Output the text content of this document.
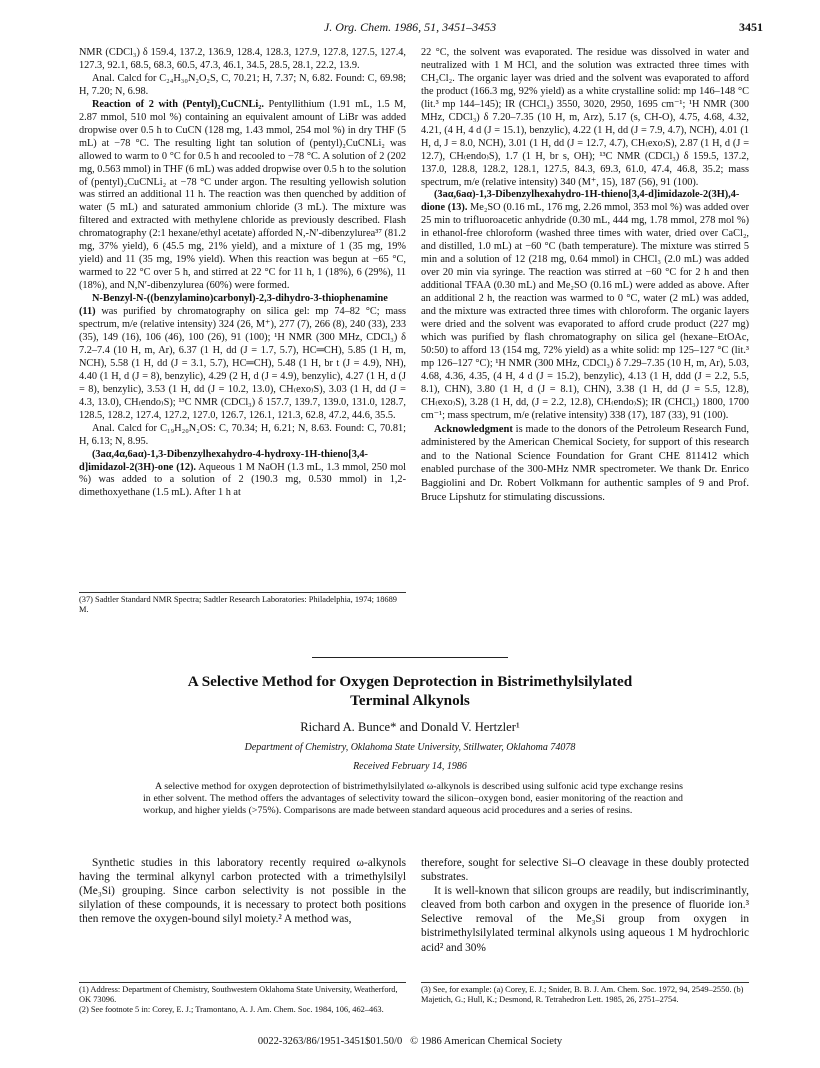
J. Org. Chem. 1986, 51, 3451–3453	3451

NMR (CDCl₃) δ 159.4, 137.2, 136.9, 128.4, 128.3, 127.9, 127.8, 127.5, 127.4, 127.3, 92.1, 68.5, 68.3, 60.5, 47.3, 46.1, 34.5, 28.5, 28.1, 22.2, 13.9.

Anal. Calcd for C₂₄H₃₀N₂O₂S, C, 70.21; H, 7.37; N, 6.82. Found: C, 69.98; H, 7.20; N, 6.98.

Reaction of 2 with (Pentyl)₂CuCNLi₂. Pentyllithium (1.91 mL, 1.5 M, 2.87 mmol, 510 mol %) containing an equivalent amount of LiBr was added dropwise over 0.5 h to CuCN (128 mg, 1.43 mmol, 254 mol %) in dry THF (5 mL) at −78 °C. The resulting light tan solution of (pentyl)₂CuCNLi₂ was allowed to warm to 0 °C for 0.5 h and recooled to −78 °C. A solution of 2 (202 mg, 0.563 mmol) in THF (6 mL) was added dropwise over 0.5 h to the solution of (pentyl)₂CuCNLi₂ at −78 °C under argon. The resulting yellowish solution was stirred an additional 11 h. The reaction was then quenched by addition of water (5 mL) and saturated ammonium chloride (3 mL). The mixture was filtered and extracted with methylene chloride as previously described. Flash chromatography (2:1 hexane/ethyl acetate) afforded N,-N′-dibenzylurea³⁷ (81.2 mg, 37% yield), 6 (45.5 mg, 21% yield), and a mixture of 1 (35 mg, 19% yield) and 11 (35 mg, 19% yield). When this reaction was begun at −65 °C, warmed to 22 °C over 5 h, and stirred at 22 °C for 11 h, 1 (18%), 6 (29%), 11 (18%), and N,N′-dibenzylurea (60%) were formed.

N-Benzyl-N-((benzylamino)carbonyl)-2,3-dihydro-3-thiophenamine (11) was purified by chromatography on silica gel: mp 74–82 °C; mass spectrum, m/e (relative intensity) 324 (26, M⁺), 277 (7), 266 (8), 240 (33), 233 (35), 149 (16), 106 (46), 100 (26), 91 (100); ¹H NMR (300 MHz, CDCl₃) δ 7.2–7.4 (10 H, m, Ar), 6.37 (1 H, dd (J = 1.7, 5.7), HC═CH), 5.85 (1 H, m, NCH), 5.58 (1 H, dd (J = 3.1, 5.7), HC═CH), 5.48 (1 H, br t (J = 4.9), NH), 4.40 (1 H, d (J = 8), benzylic), 4.29 (2 H, d (J = 4.9), benzylic), 4.27 (1 H, d (J = 8), benzylic), 3.53 (1 H, dd (J = 10.2, 13.0), CH₍exo₎S), 3.03 (1 H, dd (J = 4.3, 13.0), CH₍endo₎S); ¹³C NMR (CDCl₃) δ 157.7, 139.7, 139.0, 131.0, 128.7, 128.5, 128.2, 127.4, 127.2, 127.0, 126.7, 126.1, 121.3, 62.8, 47.2, 44.6, 35.5.

Anal. Calcd for C₁₉H₂₀N₂OS: C, 70.34; H, 6.21; N, 8.63. Found: C, 70.81; H, 6.13; N, 8.95.

(3aα,4α,6aα)-1,3-Dibenzylhexahydro-4-hydroxy-1H-thieno[3,4-d]imidazol-2(3H)-one (12). Aqueous 1 M NaOH (1.3 mL, 1.3 mmol, 250 mol %) was added to a solution of 2 (190.3 mg, 0.530 mmol) in 1,2-dimethoxyethane (1.5 mL). After 1 h at

(37) Sadtler Standard NMR Spectra; Sadtler Research Laboratories: Philadelphia, 1974; 18689 M.

22 °C, the solvent was evaporated. The residue was dissolved in water and neutralized with 1 M HCl, and the solution was extracted three times with CH₂Cl₂. The organic layer was dried and the solvent was evaporated to afford the product (166.3 mg, 92% yield) as a white crystalline solid: mp 146–148 °C (lit.³ mp 144–145); IR (CHCl₃) 3550, 3020, 2950, 1695 cm⁻¹; ¹H NMR (300 MHz, CDCl₃) δ 7.20–7.35 (10 H, m, Arz), 5.17 (s, CH-O), 4.75, 4.68, 4.32, 4.21, (4 H, 4 d (J = 15.1), benzylic), 4.22 (1 H, dd (J = 7.9, 4.7), NCH), 4.01 (1 H, d, J = 8.0, NCH), 3.01 (1 H, dd (J = 12.7, 4.7), CH₍exo₎S), 2.87 (1 H, d (J = 12.7), CH₍endo₎S), 1.7 (1 H, br s, OH); ¹³C NMR (CDCl₃) δ 159.5, 137.2, 137.0, 128.8, 128.2, 128.1, 127.5, 84.3, 69.3, 61.0, 47.4, 46.8, 35.2; mass spectrum, m/e (relative intensity) 340 (M⁺, 15), 187 (56), 91 (100).

(3aα,6aα)-1,3-Dibenzylhexahydro-1H-thieno[3,4-d]imidazole-2(3H),4-dione (13). Me₂SO (0.16 mL, 176 mg, 2.26 mmol, 353 mol %) was added over 25 min to trifluoroacetic anhydride (0.30 mL, 444 mg, 1.78 mmol, 278 mol %) in ethanol-free chloroform (washed three times with water, dried over CaCl₂, and distilled, 1.0 mL) at −60 °C (bath temperature). The mixture was stirred 5 min and a solution of 12 (218 mg, 0.64 mmol) in CHCl₃ (2.0 mL) was added over 20 min via syringe. The reaction was stirred at −60 °C for 2 h and then additional TFAA (0.30 mL) and Me₂SO (0.16 mL) were added as above. After an additional 2 h, the reaction was warmed to 0 °C, water (2 mL) was added, and the mixture was extracted three times with chloroform. The organic layers were dried and the solvent was evaporated to afford crude product (227 mg) which was purified by flash chromatography on silica gel (hexane–EtOAc, 50:50) to afford 13 (154 mg, 72% yield) as a white solid: mp 125–127 °C (lit.³ mp 126–127 °C); ¹H NMR (300 MHz, CDCl₃) δ 7.29–7.35 (10 H, m, Ar), 5.03, 4.68, 4.36, 4.35, (4 H, 4 d (J = 15.2), benzylic), 4.13 (1 H, ddd (J = 2.2, 5.5, 8.1), CHN), 3.80 (1 H, d (J = 8.1), CHN), 3.38 (1 H, dd (J = 5.5, 12.8), CH₍exo₎S), 3.28 (1 H, dd, (J = 2.2, 12.8), CH₍endo₎S); IR (CHCl₃) 1800, 1700 cm⁻¹; mass spectrum, m/e (relative intensity) 338 (17), 187 (33), 91 (100).

Acknowledgment is made to the donors of the Petroleum Research Fund, administered by the American Chemical Society, for support of this research and to the National Science Foundation for Grant CHE 811412 which enabled purchase of the 300-MHz NMR spectrometer. We thank Dr. Enrico Baggiolini and Dr. Robert Volkmann for authentic samples of 9 and Prof. Bruce Lipshutz for stimulating discussions.

A Selective Method for Oxygen Deprotection in Bistrimethylsilylated
Terminal Alkynols
Richard A. Bunce* and Donald V. Hertzler¹
Department of Chemistry, Oklahoma State University, Stillwater, Oklahoma 74078
Received February 14, 1986
A selective method for oxygen deprotection of bistrimethylsilylated ω-alkynols is described using sulfonic acid type exchange resins in ether solvent. The method offers the advantages of selectivity toward the silicon–oxygen bond, easier monitoring of the reaction and workup, and higher yields (>75%). Comparisons are made between standard aqueous acid procedures and a series of resins.

Synthetic studies in this laboratory recently required ω-alkynols having the terminal alkynyl carbon protected with a trimethylsilyl (Me₃Si) grouping. Since carbon selectivity is not possible in the silylation of these compounds, it is necessary to protect both positions then remove the oxygen-bound silyl moiety.² A method was,

therefore, sought for selective Si–O cleavage in these doubly protected substrates.

It is well-known that silicon groups are readily, but indiscriminantly, cleaved from both carbon and oxygen in the presence of fluoride ion.³ Selective removal of the Me₃Si group from oxygen in bistrimethylsilylated terminal alkynols using aqueous 1 M hydrochloric acid² and 30%

(1) Address: Department of Chemistry, Southwestern Oklahoma State University, Weatherford, OK 73096.
(2) See footnote 5 in: Corey, E. J.; Tramontano, A. J. Am. Chem. Soc. 1984, 106, 462–463.
(3) See, for example: (a) Corey, E. J.; Snider, B. B. J. Am. Chem. Soc. 1972, 94, 2549–2550. (b) Majetich, G.; Hull, K.; Desmond, R. Tetrahedron Lett. 1985, 26, 2751–2754.
0022-3263/86/1951-3451$01.50/0   © 1986 American Chemical Society
